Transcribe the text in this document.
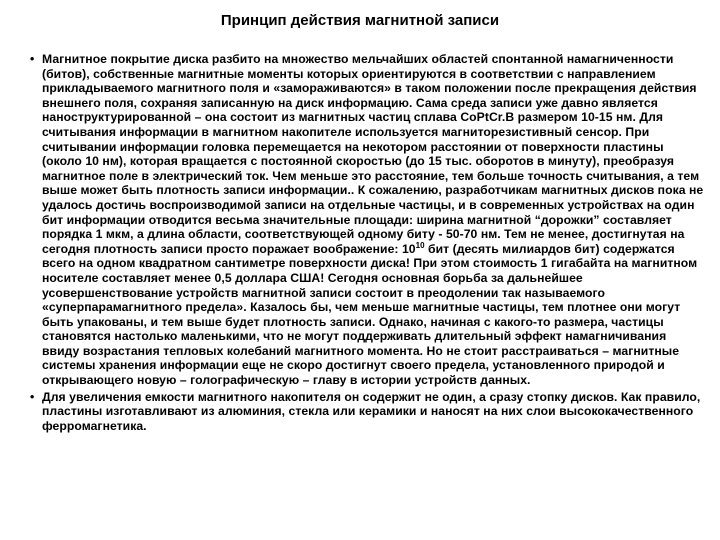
Принцип действия магнитной записи

• Магнитное покрытие диска разбито на множество мельчайших областей спонтанной намагниченности (битов), собственные магнитные моменты которых ориентируются в соответствии с направлением прикладываемого магнитного поля и «замораживаются» в таком положении после прекращения действия внешнего поля, сохраняя записанную на диск информацию. Сама среда записи уже давно является наноструктурированной – она состоит из магнитных частиц сплава CoPtCr.B размером 10-15 нм. Для считывания информации в магнитном накопителе используется магниторезистивный сенсор. При считывании информации головка перемещается на некотором расстоянии от поверхности пластины (около 10 нм), которая вращается с постоянной скоростью (до 15 тыс. оборотов в минуту), преобразуя магнитное поле в электрический ток. Чем меньше это расстояние, тем больше точность считывания, а тем выше может быть плотность записи информации.. К сожалению, разработчикам магнитных дисков пока не удалось достичь воспроизводимой записи на отдельные частицы, и в современных устройствах на один бит информации отводится весьма значительные площади: ширина магнитной “дорожки” составляет порядка 1 мкм, а длина области, соответствующей одному биту - 50-70 нм. Тем не менее, достигнутая на сегодня плотность записи просто поражает воображение: $10^{10}$ бит (десять милиардов бит) содержатся всего на одном квадратном сантиметре поверхности диска! При этом стоимость 1 гигабайта на магнитном носителе составляет менее 0,5 доллара США! Сегодня основная борьба за дальнейшее усовершенствование устройств магнитной записи состоит в преодолении так называемого «суперпарамагнитного предела». Казалось бы, чем меньше магнитные частицы, тем плотнее они могут быть упакованы, и тем выше будет плотность записи. Однако, начиная с какого-то размера, частицы становятся настолько маленькими, что не могут поддерживать длительный эффект намагничивания ввиду возрастания тепловых колебаний магнитного момента. Но не стоит расстраиваться – магнитные системы хранения информации еще не скоро достигнут своего предела, установленного природой и открывающего новую – голографическую – главу в истории устройств данных.

• Для увеличения емкости магнитного накопителя он содержит не один, а сразу стопку дисков. Как правило, пластины изготавливают из алюминия, стекла или керамики и наносят на них слои высококачественного ферромагнетика.
